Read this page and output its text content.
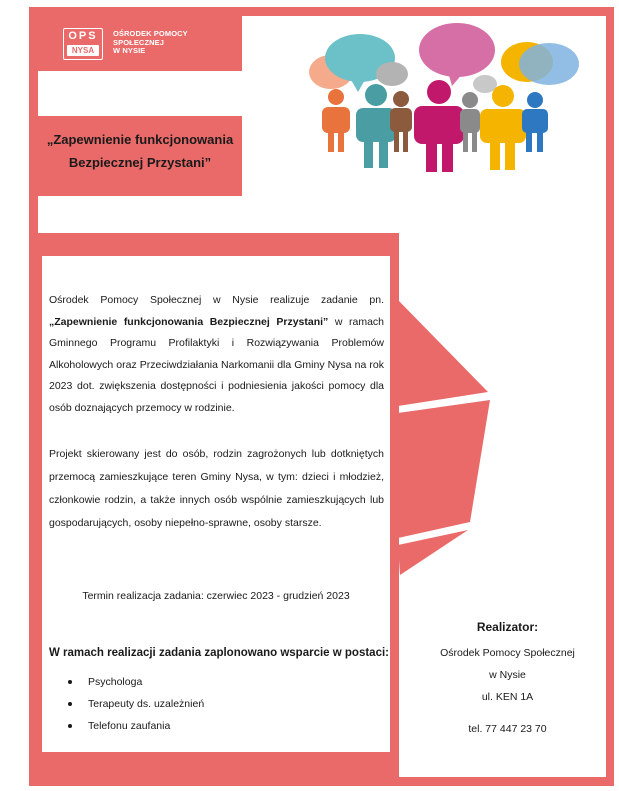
OPS
NYSA
OŚRODEK POMOCY
SPOŁECZNEJ
W NYSIE
„Zapewnienie funkcjonowania
Bezpiecznej Przystani”
Ośrodek Pomocy Społecznej w Nysie realizuje zadanie pn. „Zapewnienie funkcjonowania Bezpiecznej Przystani” w ramach Gminnego Programu Profilaktyki i Rozwiązywania Problemów Alkoholowych oraz Przeciwdziałania Narkomanii dla Gminy Nysa na rok 2023 dot. zwiększenia dostępności i podniesienia jakości pomocy dla osób doznających przemocy w rodzinie.
Projekt skierowany jest do osób, rodzin zagrożonych lub dotkniętych przemocą zamieszkujące teren Gminy Nysa, w tym: dzieci i młodzież, członkowie rodzin, a także innych osób wspólnie zamieszkujących lub gospodarujących, osoby niepełno-sprawne, osoby starsze.
Termin realizacja zadania: czerwiec 2023 - grudzień 2023
W ramach realizacji zadania zaplonowano wsparcie w postaci:
Psychologa
Terapeuty ds. uzależnień
Telefonu zaufania
Realizator:
Ośrodek Pomocy Społecznej
w Nysie
ul. KEN 1A
tel. 77 447 23 70
